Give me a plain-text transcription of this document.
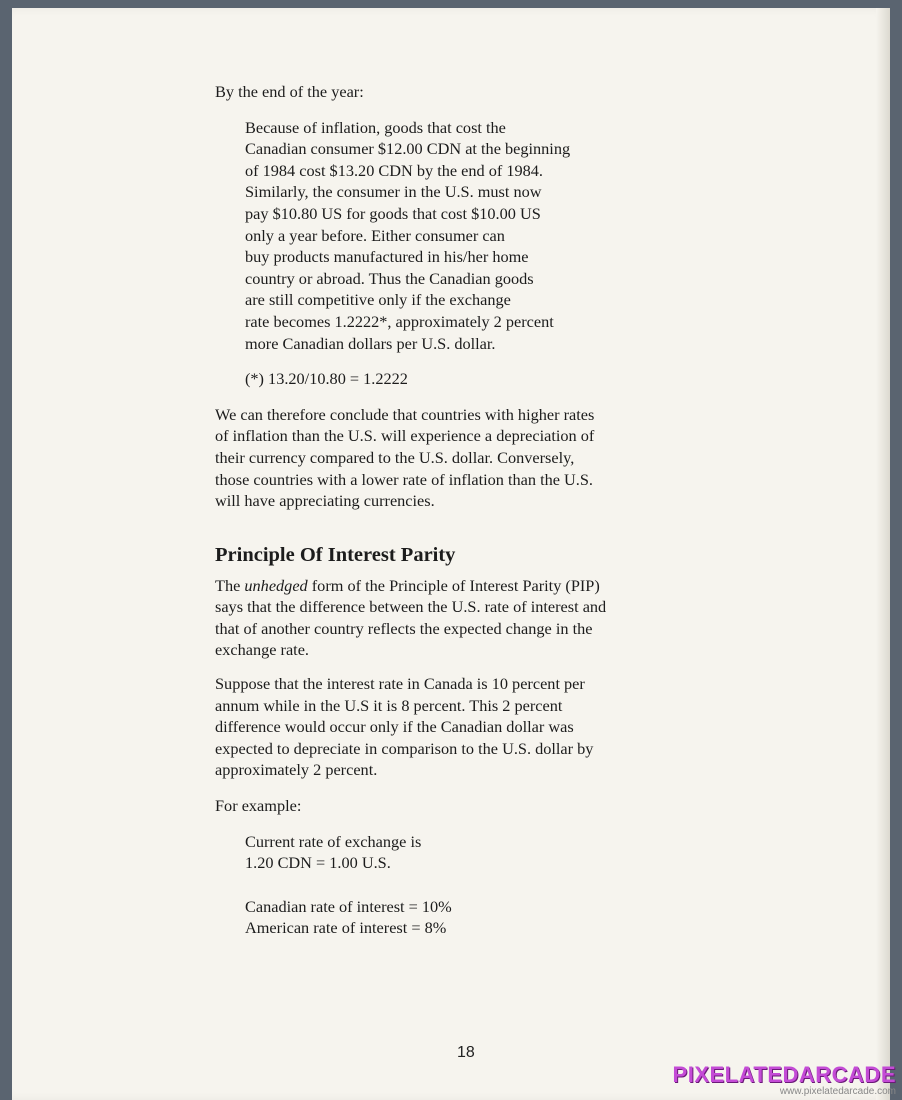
By the end of the year:

Because of inflation, goods that cost the

Canadian consumer $12.00 CDN at the beginning

of 1984 cost $13.20 CDN by the end of 1984.

Similarly, the consumer in the U.S. must now

pay $10.80 US for goods that cost $10.00 US

only a year before. Either consumer can

buy products manufactured in his/her home

country or abroad. Thus the Canadian goods

are still competitive only if the exchange

rate becomes 1.2222*, approximately 2 percent

more Canadian dollars per U.S. dollar.

(*) 13.20/10.80 = 1.2222

We can therefore conclude that countries with higher rates

of inflation than the U.S. will experience a depreciation of

their currency compared to the U.S. dollar. Conversely,

those countries with a lower rate of inflation than the U.S.

will have appreciating currencies.

Principle Of Interest Parity

The unhedged form of the Principle of Interest Parity (PIP)

says that the difference between the U.S. rate of interest and

that of another country reflects the expected change in the

exchange rate.

Suppose that the interest rate in Canada is 10 percent per

annum while in the U.S it is 8 percent. This 2 percent

difference would occur only if the Canadian dollar was

expected to depreciate in comparison to the U.S. dollar by

approximately 2 percent.

For example:

Current rate of exchange is

1.20 CDN = 1.00 U.S.

Canadian rate of interest = 10%

American rate of interest = 8%

18
PIXELATEDARCADE
www.pixelatedarcade.com
